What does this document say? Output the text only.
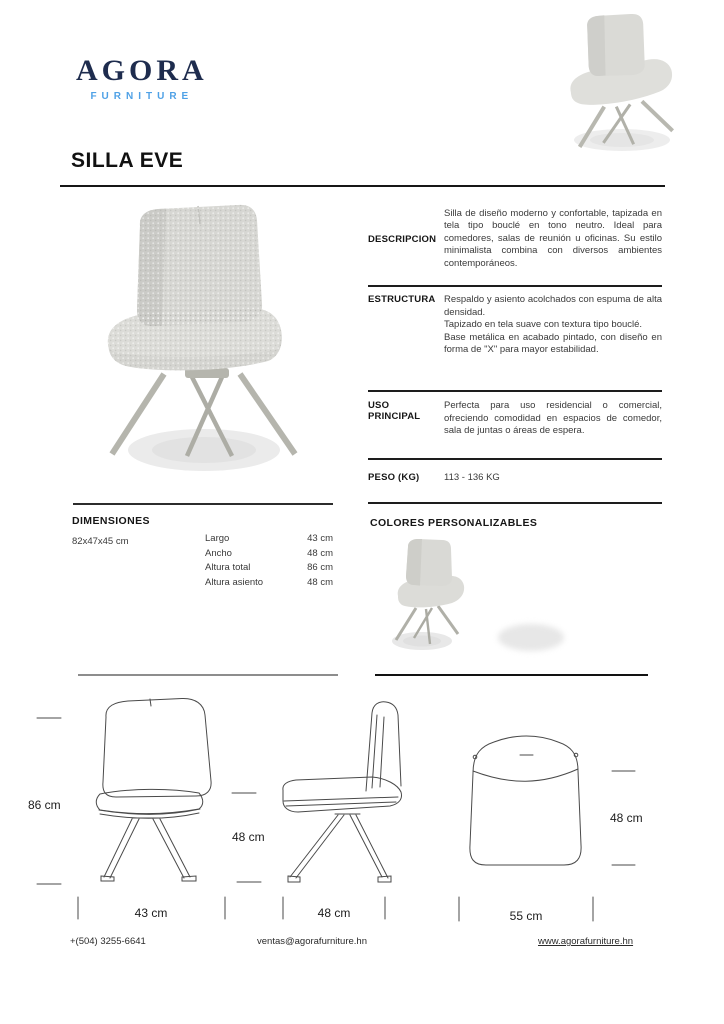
AGORA
FURNITURE
SILLA EVE
DESCRIPCION

Silla de diseño moderno y confortable, tapizada en tela tipo bouclé en tono neutro. Ideal para comedores, salas de reunión u oficinas. Su estilo minimalista combina con diversos ambientes contemporáneos.

ESTRUCTURA Respaldo y asiento acolchados con espuma de alta densidad.

Tapizado en tela suave con textura tipo bouclé.

Base metálica en acabado pintado, con diseño en forma de "X" para mayor estabilidad.

USO PRINCIPAL

Perfecta para uso residencial o comercial, ofreciendo comodidad en espacios de comedor, sala de juntas o áreas de espera.

PESO (KG)	113 - 136 KG
DIMENSIONES
82x47x45 cm	Largo	43 cm
Ancho	48 cm
Altura total	86 cm
Altura asiento	48 cm
COLORES PERSONALIZABLES
86 cm
48 cm
43 cm	48 cm
48 cm
55 cm
+(504) 3255-6641	ventas@agorafurniture.hn	www.agorafurniture.hn
